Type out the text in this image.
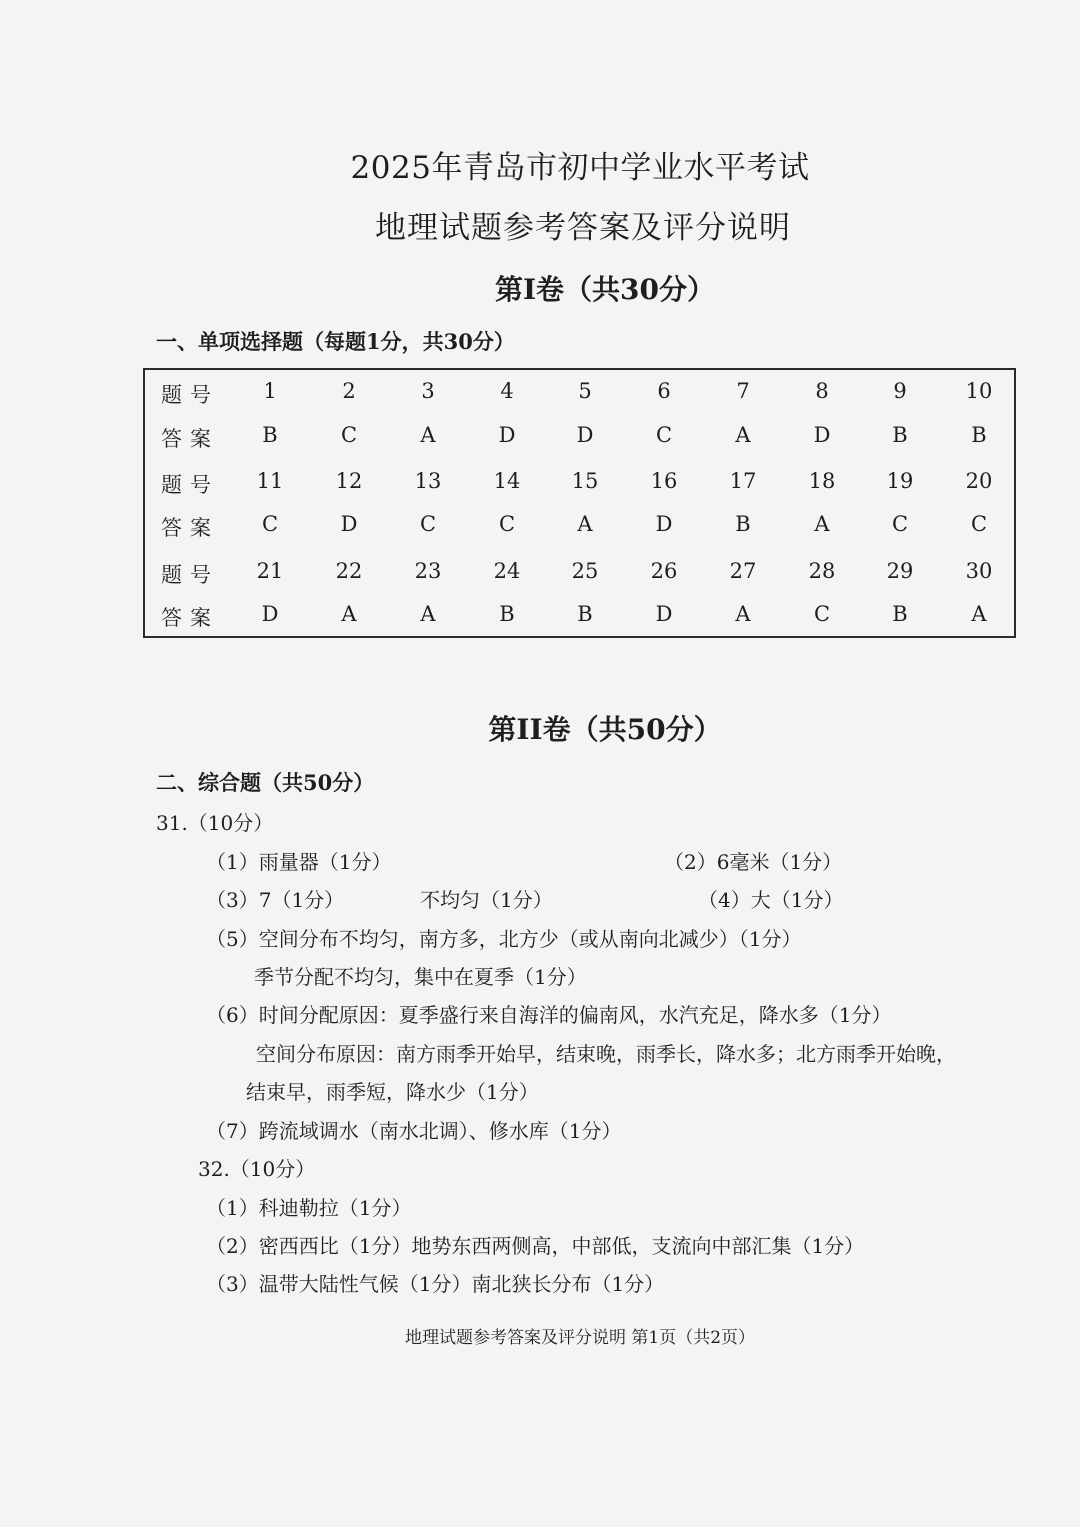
2025年青岛市初中学业水平考试
地理试题参考答案及评分说明
第I卷（共30分）
一、单项选择题（每题1分，共30分）
题号 1	2	3	4	5	6	7	8	9	10
答案 B	C	A	D	D	C	A	D	B	B
题号 11 12 13 14 15 16 17 18 19 20
答案 C	D	C	C	A	D	B	A	C	C
题号 21 22 23 24 25 26 27 28 29 30
答案 D	A	A	B	B	D	A	C	B	A
第II卷（共50分）
二、综合题（共50分）
31.（10分）
（1）雨量器（1分）	（2）6毫米（1分）
（3）7（1分）	不均匀（1分）	（4）大（1分）
（5）空间分布不均匀，南方多，北方少（或从南向北减少）（1分）
季节分配不均匀，集中在夏季（1分）
（6）时间分配原因：夏季盛行来自海洋的偏南风，水汽充足，降水多（1分）
空间分布原因：南方雨季开始早，结束晚，雨季长，降水多；北方雨季开始晚，
结束早，雨季短，降水少（1分）
（7）跨流域调水（南水北调）、修水库（1分）
32.（10分）
（1）科迪勒拉（1分）
（2）密西西比（1分）地势东西两侧高，中部低，支流向中部汇集（1分）
（3）温带大陆性气候（1分）南北狭长分布（1分）
地理试题参考答案及评分说明 第1页（共2页）
